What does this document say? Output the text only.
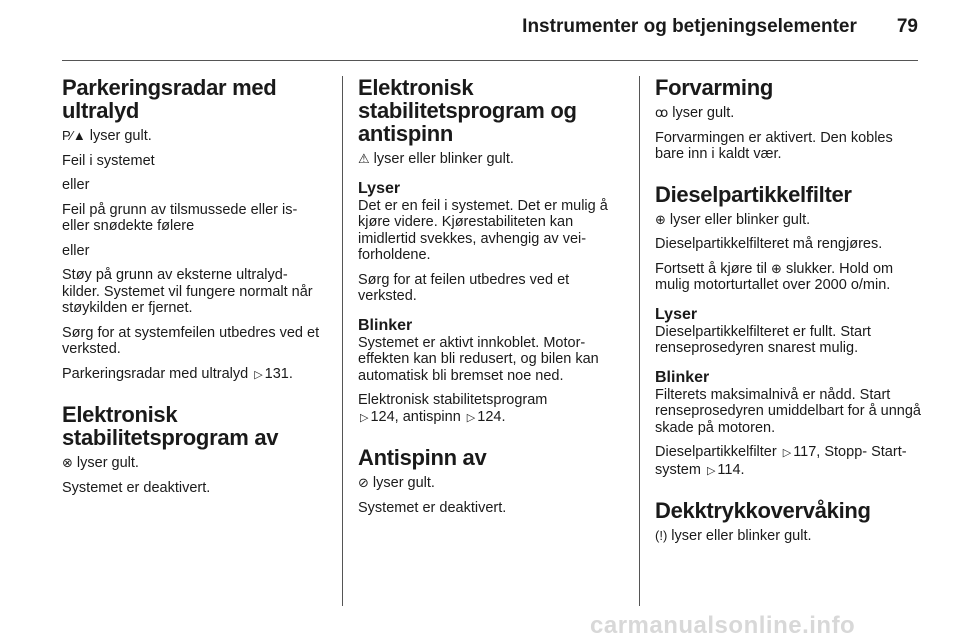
Instrumenter og betjeningselementer 79
Parkeringsradar med ultralyd

P⁄▲ lyser gult.

Feil i systemet

eller

Feil på grunn av tilsmussede eller is- eller snødekte følere

eller

Støy på grunn av eksterne ultralyd- kilder. Systemet vil fungere normalt når støykilden er fjernet.

Sørg for at systemfeilen utbedres ved et verksted.

Parkeringsradar med ultralyd ▷ 131.

Elektronisk stabilitetsprogram av

⊗ lyser gult.

Systemet er deaktivert.

Elektronisk stabilitetsprogram og antispinn

⚠ lyser eller blinker gult.

Lyser

Det er en feil i systemet. Det er mulig å kjøre videre. Kjørestabiliteten kan imidlertid svekkes, avhengig av vei- forholdene.

Sørg for at feilen utbedres ved et verksted.

Blinker

Systemet er aktivt innkoblet. Motor- effekten kan bli redusert, og bilen kan automatisk bli bremset noe ned.

Elektronisk stabilitetsprogram
▷ 124, antispinn ▷ 124.

Antispinn av

⊘ lyser gult.

Systemet er deaktivert.

Forvarming

ꝏ lyser gult.

Forvarmingen er aktivert. Den kobles bare inn i kaldt vær.

Dieselpartikkelfilter

⊕ lyser eller blinker gult.

Dieselpartikkelfilteret må rengjøres.

Fortsett å kjøre til ⊕ slukker. Hold om mulig motorturtallet over 2000 o/min.

Lyser

Dieselpartikkelfilteret er fullt. Start renseprosedyren snarest mulig.

Blinker

Filterets maksimalnivå er nådd. Start renseprosedyren umiddelbart for å unngå skade på motoren.

Dieselpartikkelfilter ▷ 117, Stopp- Start-system ▷ 114.

Dekktrykkovervåking

(!) lyser eller blinker gult.

carmanualsonline.info
